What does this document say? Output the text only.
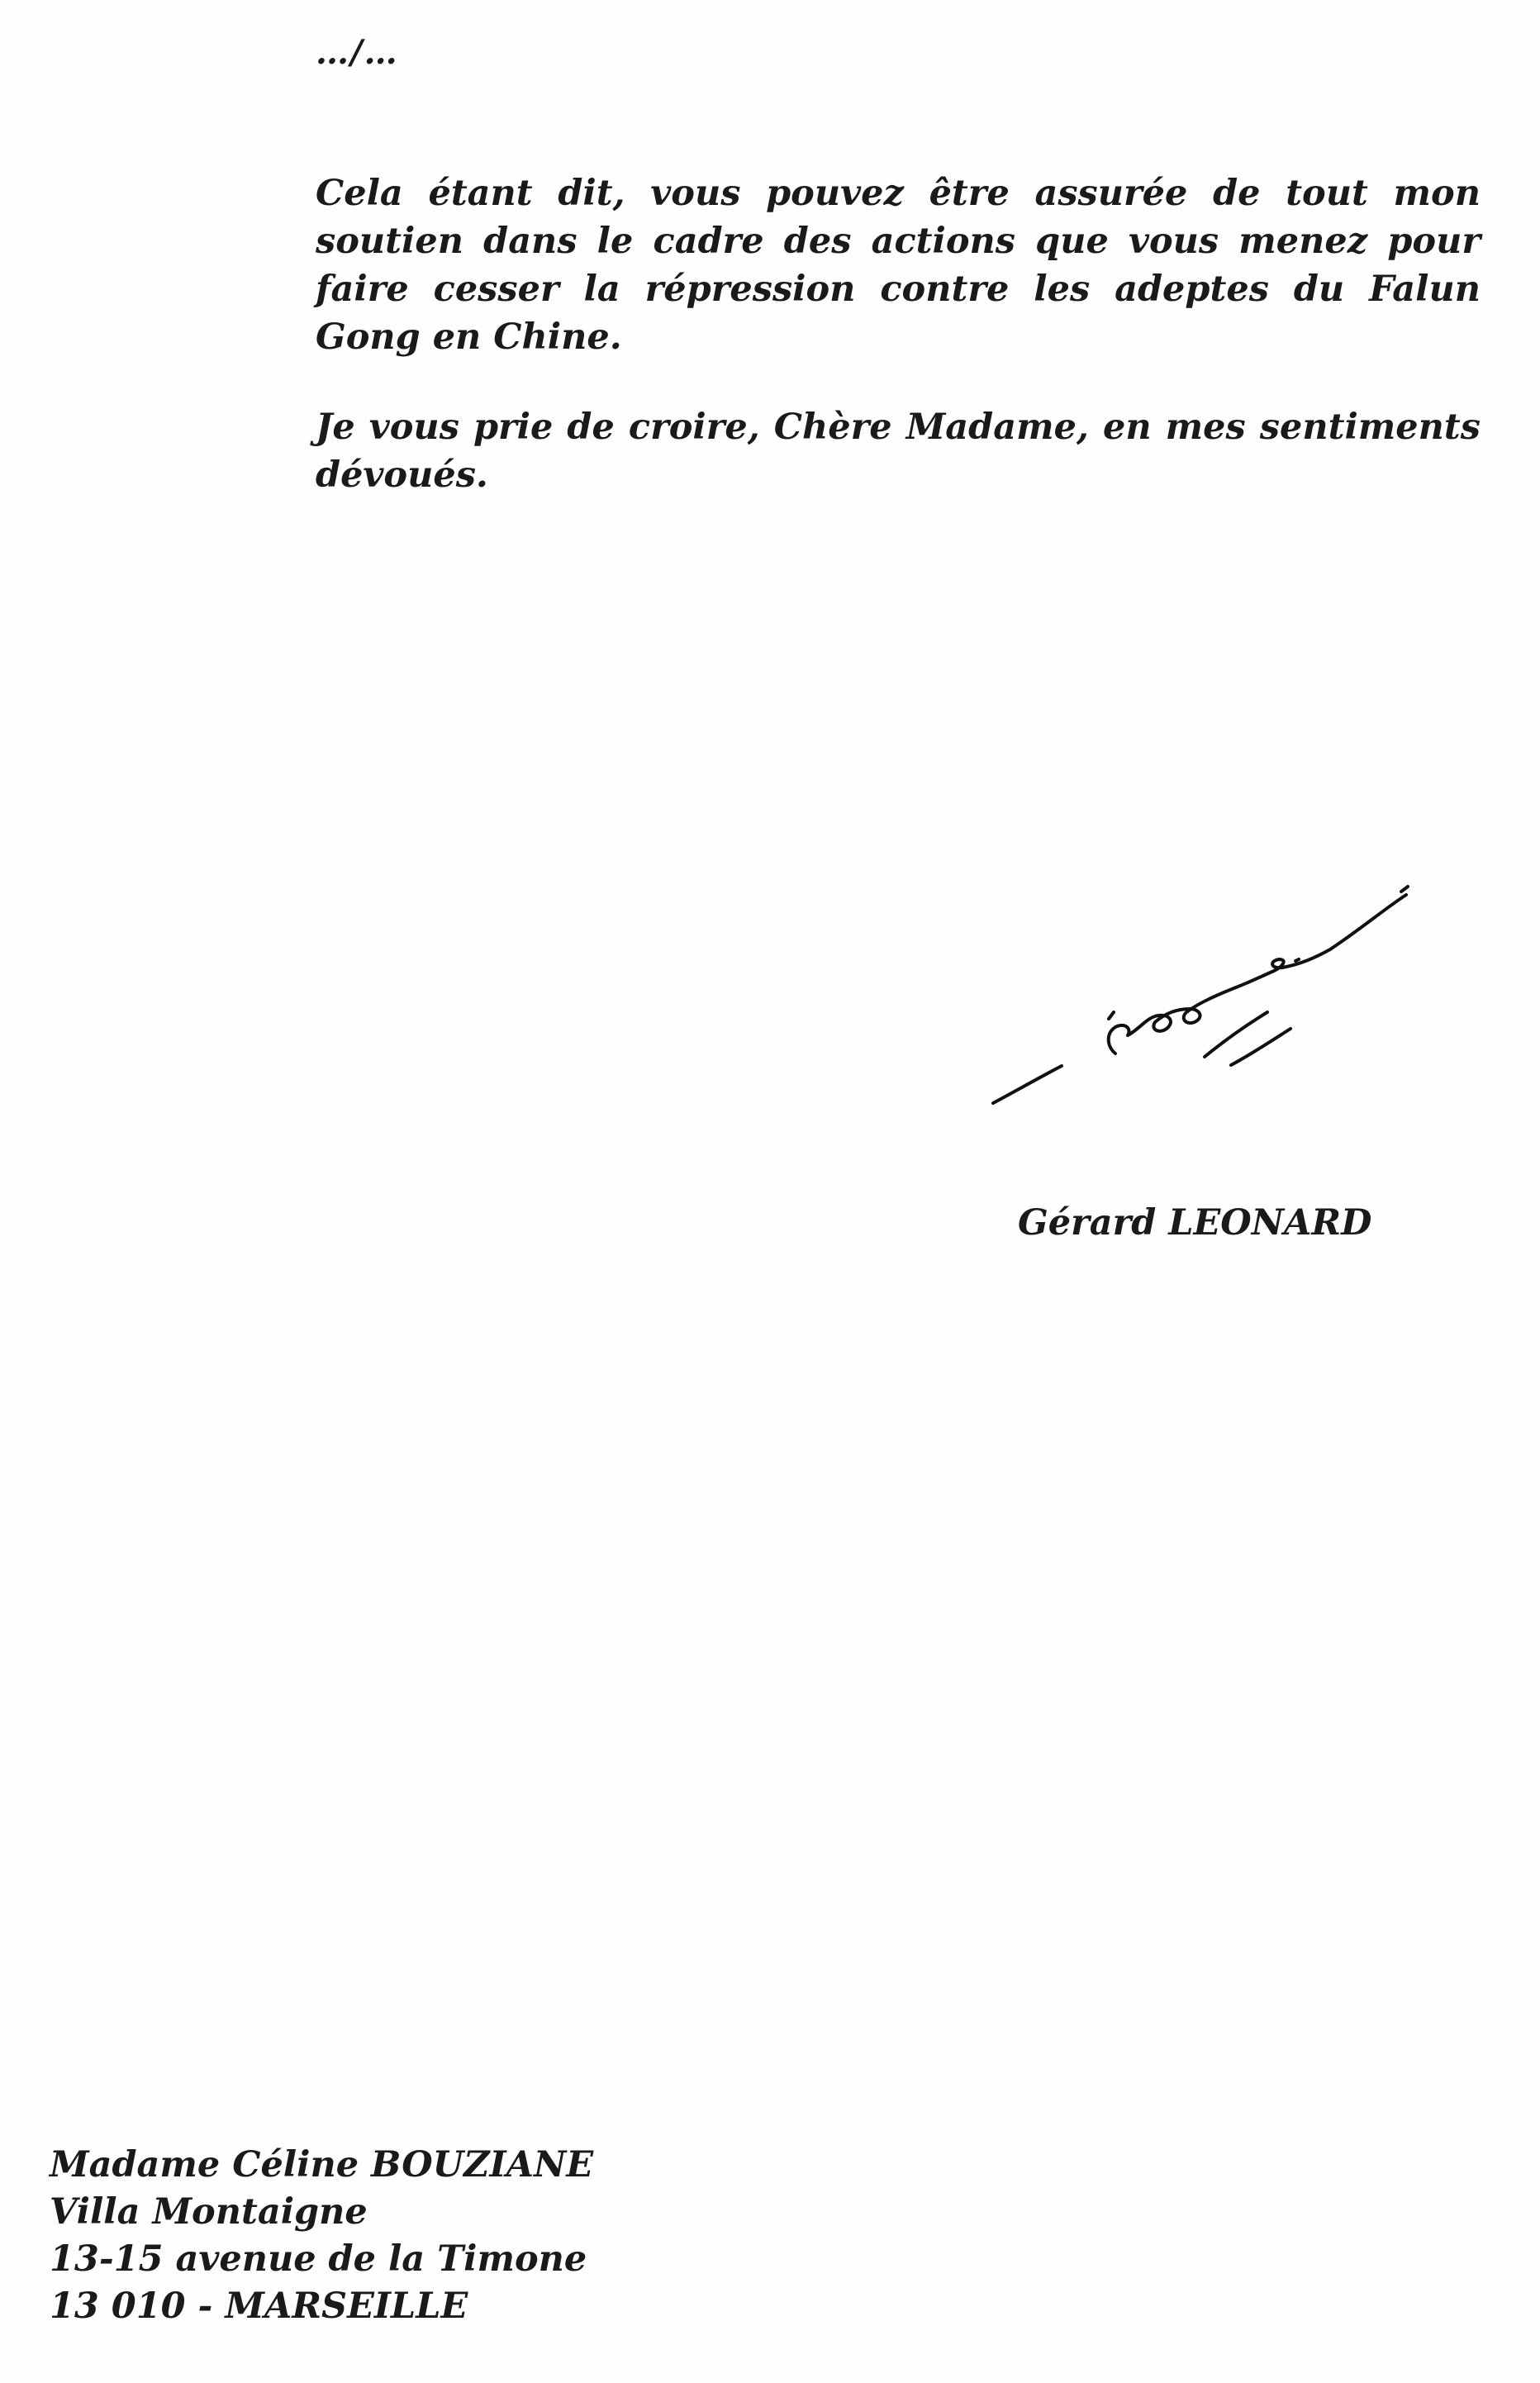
…/…

Cela étant dit, vous pouvez être assurée de tout mon soutien dans le cadre des actions que vous menez pour faire cesser la répression contre les adeptes du Falun Gong en Chine.

Je vous prie de croire, Chère Madame, en mes sentiments dévoués.

Gérard LEONARD
Madame Céline BOUZIANE
Villa Montaigne
13-15 avenue de la Timone
13 010 - MARSEILLE
